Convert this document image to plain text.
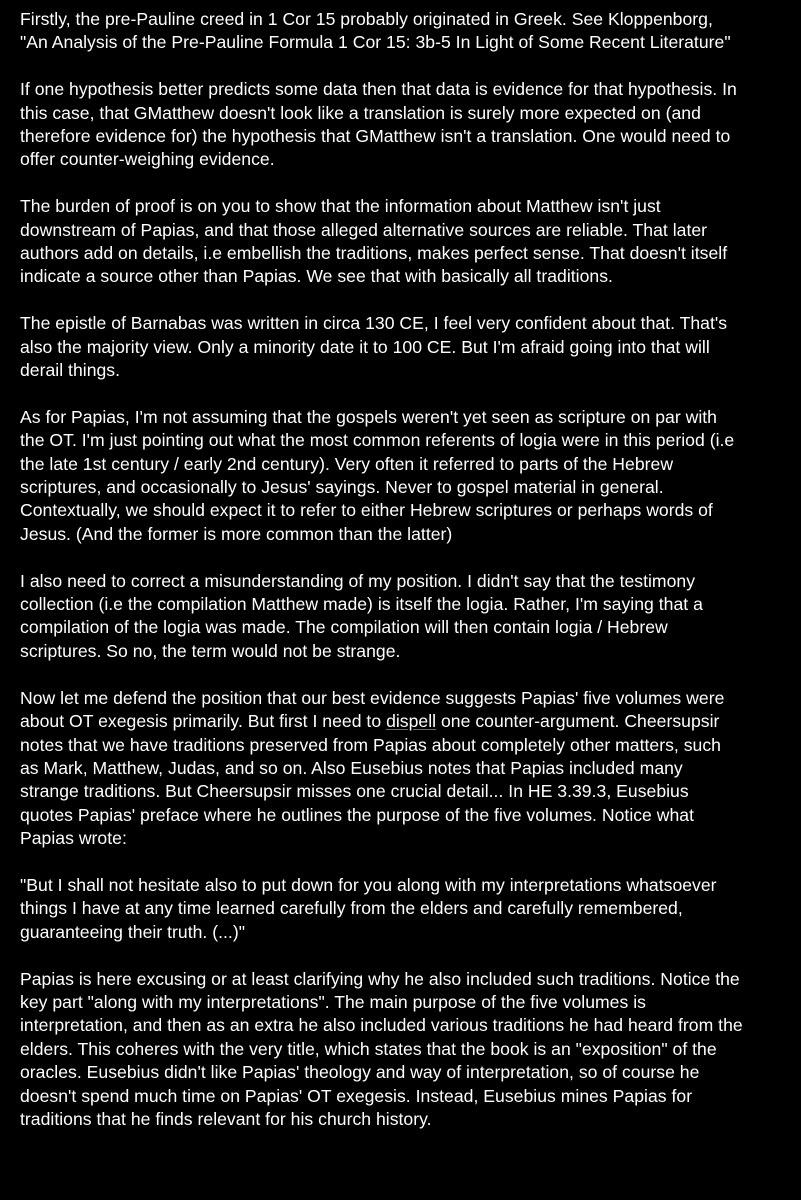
Firstly, the pre-Pauline creed in 1 Cor 15 probably originated in Greek. See Kloppenborg,
"An Analysis of the Pre-Pauline Formula 1 Cor 15: 3b-5 In Light of Some Recent Literature"

If one hypothesis better predicts some data then that data is evidence for that hypothesis. In
this case, that GMatthew doesn't look like a translation is surely more expected on (and
therefore evidence for) the hypothesis that GMatthew isn't a translation. One would need to
offer counter-weighing evidence.

The burden of proof is on you to show that the information about Matthew isn't just
downstream of Papias, and that those alleged alternative sources are reliable. That later
authors add on details, i.e embellish the traditions, makes perfect sense. That doesn't itself
indicate a source other than Papias. We see that with basically all traditions.

The epistle of Barnabas was written in circa 130 CE, I feel very confident about that. That's
also the majority view. Only a minority date it to 100 CE. But I'm afraid going into that will
derail things.

As for Papias, I'm not assuming that the gospels weren't yet seen as scripture on par with
the OT. I'm just pointing out what the most common referents of logia were in this period (i.e
the late 1st century / early 2nd century). Very often it referred to parts of the Hebrew
scriptures, and occasionally to Jesus' sayings. Never to gospel material in general.
Contextually, we should expect it to refer to either Hebrew scriptures or perhaps words of
Jesus. (And the former is more common than the latter)

I also need to correct a misunderstanding of my position. I didn't say that the testimony
collection (i.e the compilation Matthew made) is itself the logia. Rather, I'm saying that a
compilation of the logia was made. The compilation will then contain logia / Hebrew
scriptures. So no, the term would not be strange.

Now let me defend the position that our best evidence suggests Papias' five volumes were
about OT exegesis primarily. But first I need to dispell one counter-argument. Cheersupsir
notes that we have traditions preserved from Papias about completely other matters, such
as Mark, Matthew, Judas, and so on. Also Eusebius notes that Papias included many
strange traditions. But Cheersupsir misses one crucial detail... In HE 3.39.3, Eusebius
quotes Papias' preface where he outlines the purpose of the five volumes. Notice what
Papias wrote:

"But I shall not hesitate also to put down for you along with my interpretations whatsoever
things I have at any time learned carefully from the elders and carefully remembered,
guaranteeing their truth. (...)"

Papias is here excusing or at least clarifying why he also included such traditions. Notice the
key part "along with my interpretations". The main purpose of the five volumes is
interpretation, and then as an extra he also included various traditions he had heard from the
elders. This coheres with the very title, which states that the book is an "exposition" of the
oracles. Eusebius didn't like Papias' theology and way of interpretation, so of course he
doesn't spend much time on Papias' OT exegesis. Instead, Eusebius mines Papias for
traditions that he finds relevant for his church history.
